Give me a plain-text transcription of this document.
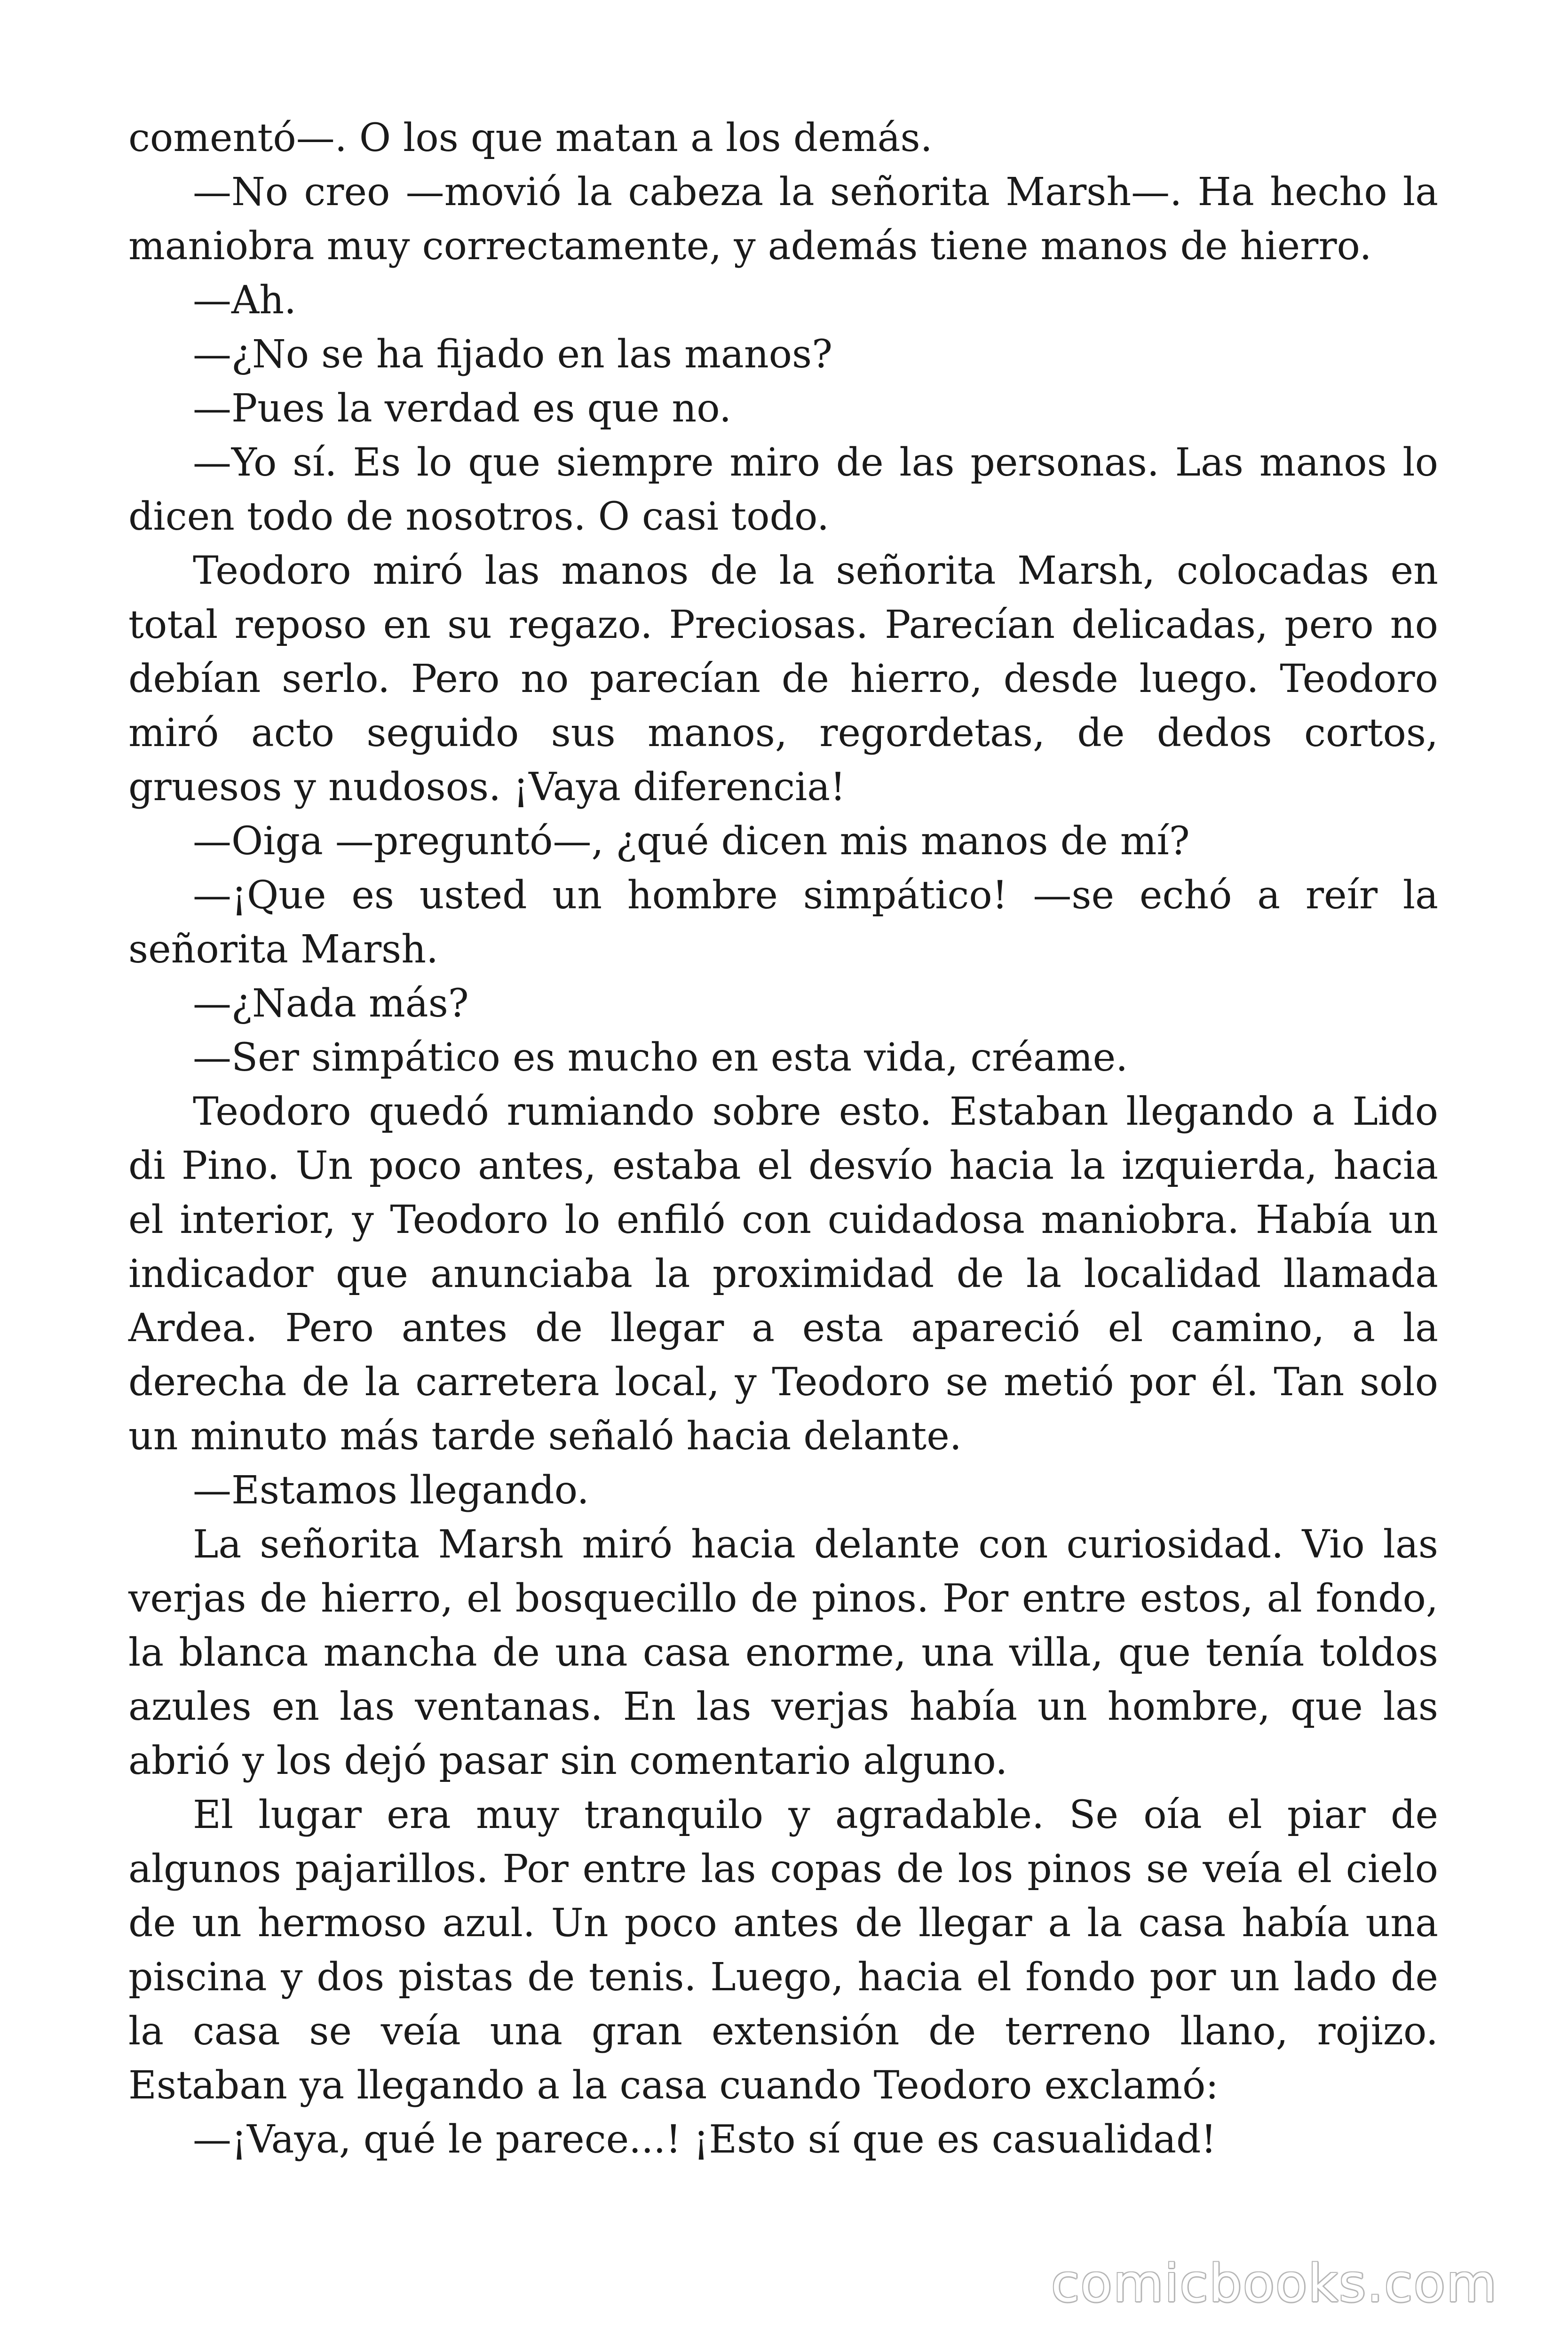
comentó—. O los que matan a los demás.

—No creo —movió la cabeza la señorita Marsh—. Ha hecho la maniobra muy correctamente, y además tiene manos de hierro.

—Ah.

—¿No se ha fijado en las manos?

—Pues la verdad es que no.

—Yo sí. Es lo que siempre miro de las personas. Las manos lo dicen todo de nosotros. O casi todo.

Teodoro miró las manos de la señorita Marsh, colocadas en total reposo en su regazo. Preciosas. Parecían delicadas, pero no debían serlo. Pero no parecían de hierro, desde luego. Teodoro miró acto seguido sus manos, regordetas, de dedos cortos, gruesos y nudosos. ¡Vaya diferencia!

—Oiga —preguntó—, ¿qué dicen mis manos de mí?

—¡Que es usted un hombre simpático! —se echó a reír la señorita Marsh.

—¿Nada más?

—Ser simpático es mucho en esta vida, créame.

Teodoro quedó rumiando sobre esto. Estaban llegando a Lido di Pino. Un poco antes, estaba el desvío hacia la izquierda, hacia el interior, y Teodoro lo enfiló con cuidadosa maniobra. Había un indicador que anunciaba la proximidad de la localidad llamada Ardea. Pero antes de llegar a esta apareció el camino, a la derecha de la carretera local, y Teodoro se metió por él. Tan solo un minuto más tarde señaló hacia delante.

—Estamos llegando.

La señorita Marsh miró hacia delante con curiosidad. Vio las verjas de hierro, el bosquecillo de pinos. Por entre estos, al fondo, la blanca mancha de una casa enorme, una villa, que tenía toldos azules en las ventanas. En las verjas había un hombre, que las abrió y los dejó pasar sin comentario alguno.

El lugar era muy tranquilo y agradable. Se oía el piar de algunos pajarillos. Por entre las copas de los pinos se veía el cielo de un hermoso azul. Un poco antes de llegar a la casa había una piscina y dos pistas de tenis. Luego, hacia el fondo por un lado de la casa se veía una gran extensión de terreno llano, rojizo. Estaban ya llegando a la casa cuando Teodoro exclamó:

—¡Vaya, qué le parece...! ¡Esto sí que es casualidad!

comicbooks.com
